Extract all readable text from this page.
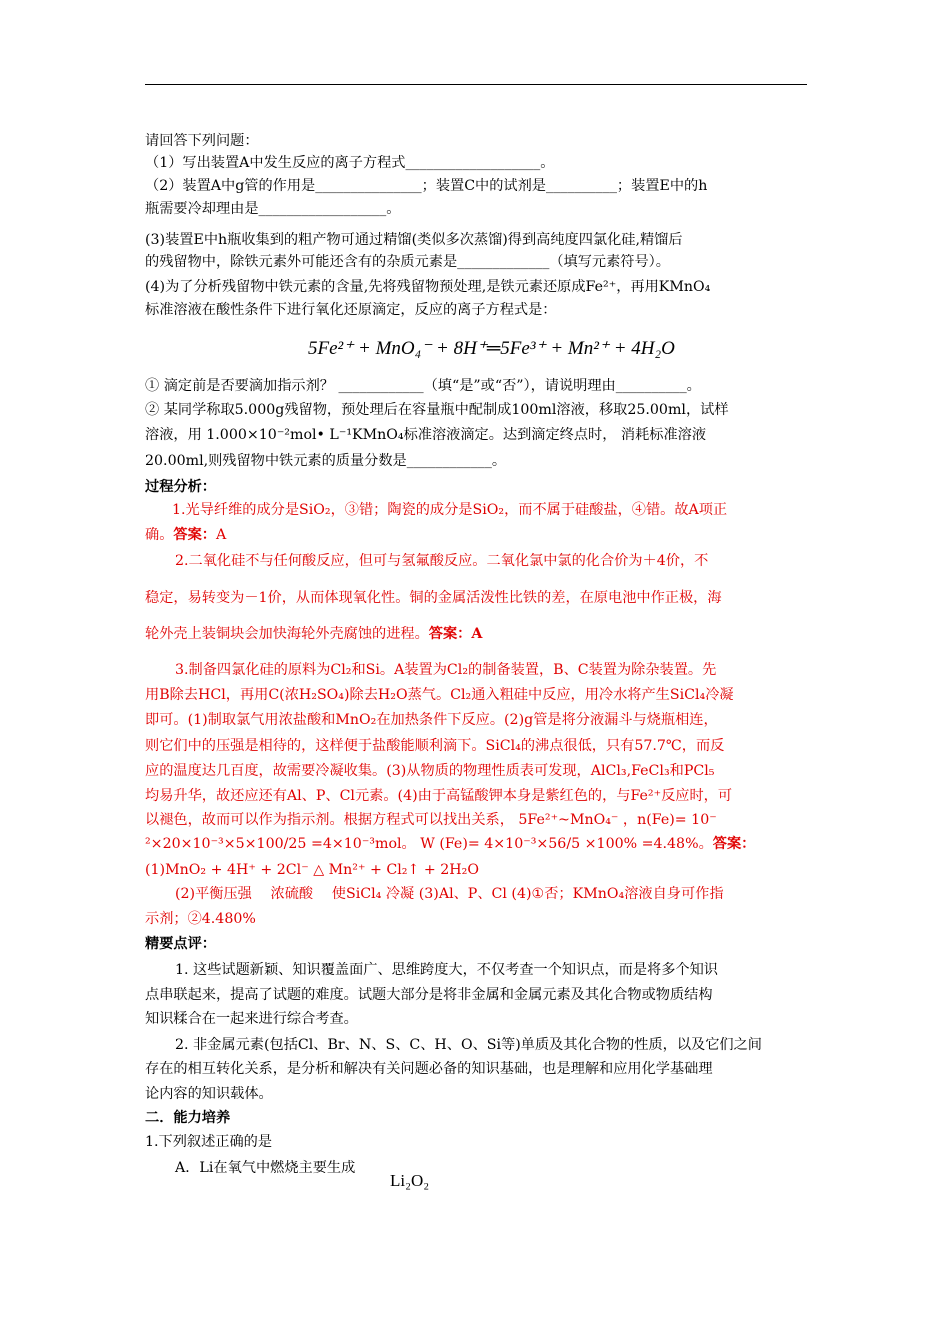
请回答下列问题：
（1）写出装置A中发生反应的离子方程式___________________。
（2）装置A中g管的作用是_______________；装置C中的试剂是__________；装置E中的h
瓶需要冷却理由是__________________。
(3)装置E中h瓶收集到的粗产物可通过精馏(类似多次蒸馏)得到高纯度四氯化硅,精馏后
的残留物中，除铁元素外可能还含有的杂质元素是_____________（填写元素符号）。
(4)为了分析残留物中铁元素的含量,先将残留物预处理,是铁元素还原成Fe²⁺，再用KMnO₄
标准溶液在酸性条件下进行氧化还原滴定，反应的离子方程式是：
5Fe²⁺ + MnO₄⁻ + 8H⁺═5Fe³⁺ + Mn²⁺ + 4H₂O
① 滴定前是否要滴加指示剂？ ____________（填“是”或“否”），请说明理由__________。
② 某同学称取5.000g残留物，预处理后在容量瓶中配制成100ml溶液，移取25.00ml，试样
溶液，用 1.000×10⁻²mol• L⁻¹KMnO₄标准溶液滴定。达到滴定终点时， 消耗标准溶液
20.00ml,则残留物中铁元素的质量分数是____________。
过程分析：
1.光导纤维的成分是SiO₂，③错；陶瓷的成分是SiO₂，而不属于硅酸盐，④错。故A项正
确。答案：A
2.二氧化硅不与任何酸反应，但可与氢氟酸反应。二氧化氯中氯的化合价为＋4价，不
稳定，易转变为－1价，从而体现氧化性。铜的金属活泼性比铁的差，在原电池中作正极，海
轮外壳上装铜块会加快海轮外壳腐蚀的进程。答案：A
3.制备四氯化硅的原料为Cl₂和Si。A装置为Cl₂的制备装置，B、C装置为除杂装置。先
用B除去HCl，再用C(浓H₂SO₄)除去H₂O蒸气。Cl₂通入粗硅中反应，用冷水将产生SiCl₄冷凝
即可。(1)制取氯气用浓盐酸和MnO₂在加热条件下反应。(2)g管是将分液漏斗与烧瓶相连，
则它们中的压强是相待的，这样便于盐酸能顺利滴下。SiCl₄的沸点很低，只有57.7℃，而反
应的温度达几百度，故需要冷凝收集。(3)从物质的物理性质表可发现，AlCl₃,FeCl₃和PCl₅
均易升华，故还应还有Al、P、Cl元素。(4)由于高锰酸钾本身是紫红色的，与Fe²⁺反应时，可
以褪色，故而可以作为指示剂。根据方程式可以找出关系， 5Fe²⁺~MnO₄⁻ ，n(Fe)= 10⁻
²×20×10⁻³×5×100/25 =4×10⁻³mol。 W (Fe)= 4×10⁻³×56/5 ×100% =4.48%。答案：
(1)MnO₂ + 4H⁺ + 2Cl⁻ △ Mn²⁺ + Cl₂↑ + 2H₂O
(2)平衡压强　 浓硫酸　 使SiCl₄ 冷凝 (3)Al、P、Cl (4)①否；KMnO₄溶液自身可作指
示剂；②4.480%
精要点评：
1. 这些试题新颖、知识覆盖面广、思维跨度大，不仅考查一个知识点，而是将多个知识
点串联起来，提高了试题的难度。试题大部分是将非金属和金属元素及其化合物或物质结构
知识糅合在一起来进行综合考查。
2. 非金属元素(包括Cl、Br、N、S、C、H、O、Si等)单质及其化合物的性质，以及它们之间
存在的相互转化关系，是分析和解决有关问题必备的知识基础，也是理解和应用化学基础理
论内容的知识载体。
二．能力培养
1.下列叙述正确的是
A．Li在氧气中燃烧主要生成
Li₂O₂
